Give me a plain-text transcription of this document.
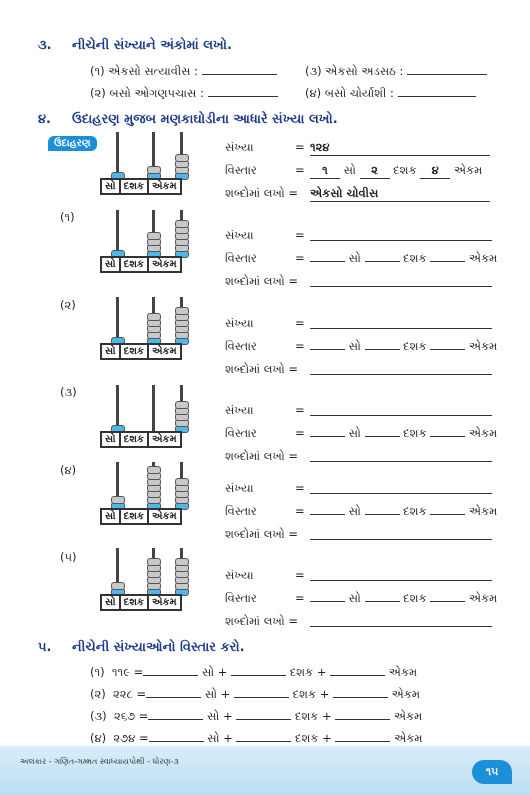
૩. નીચેની સંખ્યાને અંકોમાં લખો.
(૧) એકસો સત્યાવીસ :	(૩) એકસો અડસઠ :
(૨) બસો ઓગણપચાસ :	(૪) બસો ચોર્યાશી :
૪. ઉદાહરણ મુજબ મણકાઘોડીના આધારે સંખ્યા લખો.
ઉદાહરણ
સો દશક એકમ
સો દશક એકમ
સો દશક એકમ
સો દશક એકમ
સો દશક એકમ
સો દશક એકમ
સંખ્યા	= ૧૨૪
વિસ્તાર	=	૧ સો ૨ દશક ૪ એકમ
શબ્દોમાં લખો = એકસો ચોવીસ
(૧)
સંખ્યા	=
વિસ્તાર	=	સો	દશક	એકમ
શબ્દોમાં લખો =
(૨)
સંખ્યા	=
વિસ્તાર	=	સો	દશક	એકમ
શબ્દોમાં લખો =
(૩)
સંખ્યા	=
વિસ્તાર	=	સો	દશક	એકમ
શબ્દોમાં લખો =
(૪)
સંખ્યા	=
વિસ્તાર	=	સો	દશક	એકમ
શબ્દોમાં લખો =
(૫)
સંખ્યા	=
વિસ્તાર	=	સો	દશક	એકમ
શબ્દોમાં લખો =
૫. નીચેની સંખ્યાઓનો વિસ્તાર કરો.
(૧) ૧૧૯ =	સો +	દશક +	એકમ
(૨) ૨૨૮ =	સો +	દશક +	એકમ
(૩) ૨૬૭ =	સો +	દશક +	એકમ
(૪) ૨૭૪ =	સો +	દશક +	એકમ
અલંકાર - ગણિત-ગમ્મત સ્વાધ્યાયપોથી - ધોરણ-૩
૧૫
